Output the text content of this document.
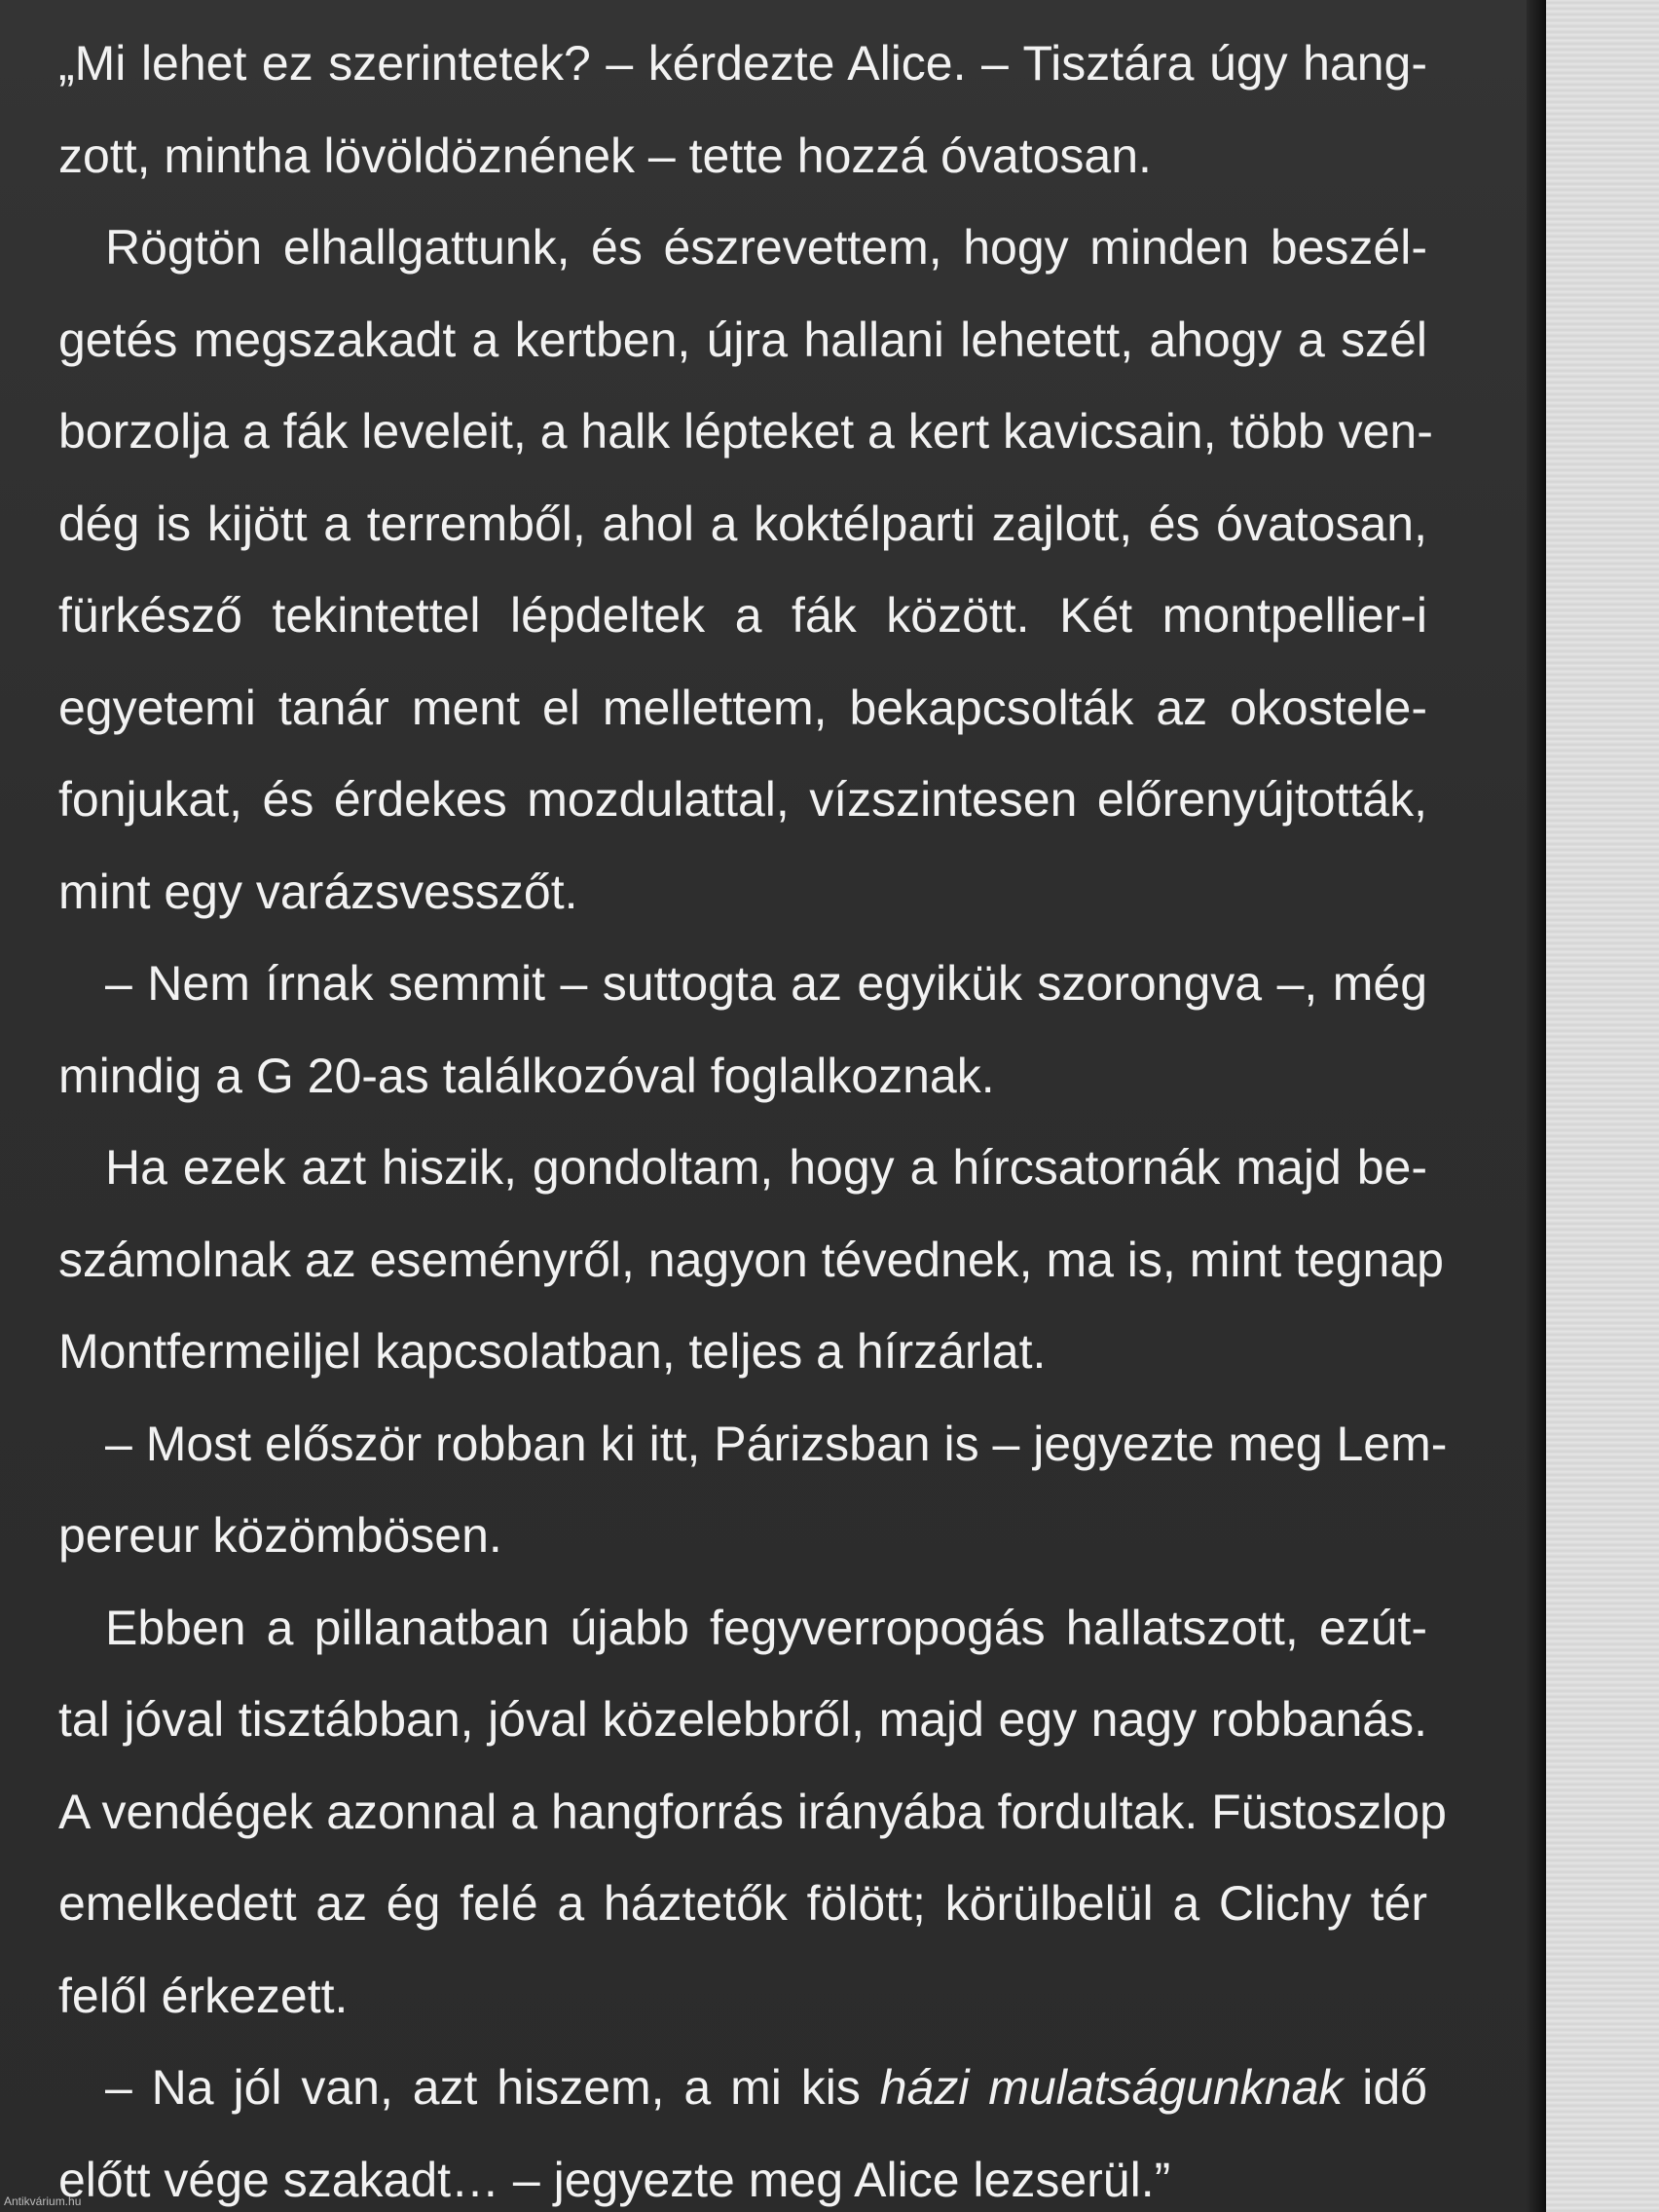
„Mi lehet ez szerintetek? – kérdezte Alice. – Tisztára úgy hang-
zott, mintha lövöldöznének – tette hozzá óvatosan.
Rögtön elhallgattunk, és észrevettem, hogy minden beszél-
getés megszakadt a kertben, újra hallani lehetett, ahogy a szél
borzolja a fák leveleit, a halk lépteket a kert kavicsain, több ven-
dég is kijött a terremből, ahol a koktélparti zajlott, és óvatosan,
fürkésző tekintettel lépdeltek a fák között. Két montpellier-i
egyetemi tanár ment el mellettem, bekapcsolták az okostele-
fonjukat, és érdekes mozdulattal, vízszintesen előrenyújtották,
mint egy varázsvesszőt.
– Nem írnak semmit – suttogta az egyikük szorongva –, még
mindig a G 20-as találkozóval foglalkoznak.
Ha ezek azt hiszik, gondoltam, hogy a hírcsatornák majd be-
számolnak az eseményről, nagyon tévednek, ma is, mint tegnap
Montfermeiljel kapcsolatban, teljes a hírzárlat.
– Most először robban ki itt, Párizsban is – jegyezte meg Lem-
pereur közömbösen.
Ebben a pillanatban újabb fegyverropogás hallatszott, ezút-
tal jóval tisztábban, jóval közelebbről, majd egy nagy robbanás.
A vendégek azonnal a hangforrás irányába fordultak. Füstoszlop
emelkedett az ég felé a háztetők fölött; körülbelül a Clichy tér
felől érkezett.
– Na jól van, azt hiszem, a mi kis házi mulatságunknak idő
előtt vége szakadt… – jegyezte meg Alice lezserül.”
Antikvárium.hu
